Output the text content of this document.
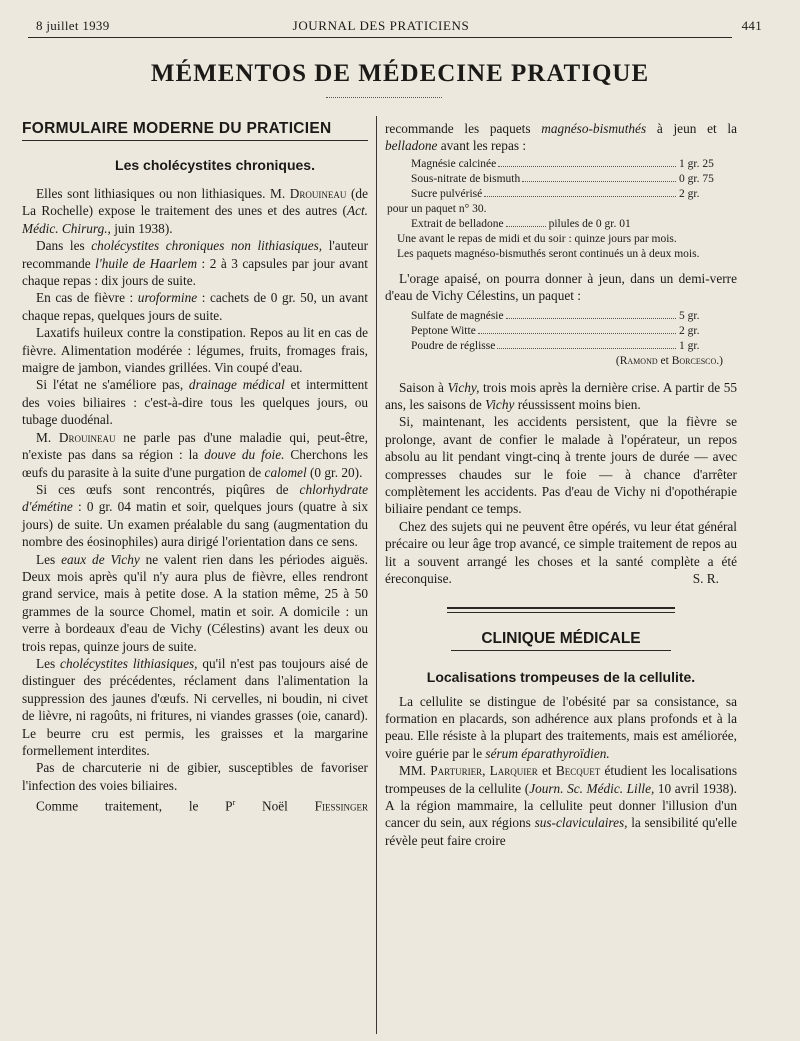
8 juillet 1939	JOURNAL DES PRATICIENS	441
MÉMENTOS DE MÉDECINE PRATIQUE
FORMULAIRE MODERNE DU PRATICIEN
Les cholécystites chroniques.

Elles sont lithiasiques ou non lithiasiques. M. Drouineau (de La Rochelle) expose le traitement des unes et des autres (Act. Médic. Chirurg., juin 1938).

Dans les cholécystites chroniques non lithiasiques, l'auteur recommande l'huile de Haarlem : 2 à 3 capsules par jour avant chaque repas : dix jours de suite.

En cas de fièvre : uroformine : cachets de 0 gr. 50, un avant chaque repas, quelques jours de suite.

Laxatifs huileux contre la constipation. Repos au lit en cas de fièvre. Alimentation modérée : légumes, fruits, fromages frais, maigre de jambon, viandes grillées. Vin coupé d'eau.

Si l'état ne s'améliore pas, drainage médical et intermittent des voies biliaires : c'est-à-dire tous les quelques jours, ou tubage duodénal.

M. Drouineau ne parle pas d'une maladie qui, peut-être, n'existe pas dans sa région : la douve du foie. Cherchons les œufs du parasite à la suite d'une purgation de calomel (0 gr. 20).

Si ces œufs sont rencontrés, piqûres de chlorhydrate d'émétine : 0 gr. 04 matin et soir, quelques jours (quatre à six jours) de suite. Un examen préalable du sang (augmentation du nombre des éosinophiles) aura dirigé l'orientation dans ce sens.

Les eaux de Vichy ne valent rien dans les périodes aiguës. Deux mois après qu'il n'y aura plus de fièvre, elles rendront grand service, mais à petite dose. A la station même, 25 à 50 grammes de la source Chomel, matin et soir. A domicile : un verre à bordeaux d'eau de Vichy (Célestins) avant les deux ou trois repas, quinze jours de suite.

Les cholécystites lithiasiques, qu'il n'est pas toujours aisé de distinguer des précédentes, réclament dans l'alimentation la suppression des jaunes d'œufs. Ni cervelles, ni boudin, ni civet de lièvre, ni ragoûts, ni fritures, ni viandes grasses (oie, canard). Le beurre cru est permis, les graisses et la margarine formellement interdites.

Pas de charcuterie ni de gibier, susceptibles de favoriser l'infection des voies biliaires.

Comme traitement, le $P^r$ Noël Fiessinger

recommande les paquets magnéso-bismuthés à jeun et la belladone avant les repas :

Magnésie calcinée	1 gr. 25
Sous-nitrate de bismuth	0 gr. 75
Sucre pulvérisé	2 gr.
pour un paquet n° 30.
Extrait de belladone	pilules de 0 gr. 01
Une avant le repas de midi et du soir : quinze jours par mois.
Les paquets magnéso-bismuthés seront continués un à deux mois.

L'orage apaisé, on pourra donner à jeun, dans un demi-verre d'eau de Vichy Célestins, un paquet :

Sulfate de magnésie	5 gr.
Peptone Witte	2 gr.
Poudre de réglisse	1 gr.
(Ramond et Borcesco.)

Saison à Vichy, trois mois après la dernière crise. A partir de 55 ans, les saisons de Vichy réussissent moins bien.

Si, maintenant, les accidents persistent, que la fièvre se prolonge, avant de confier le malade à l'opérateur, un repos absolu au lit pendant vingt-cinq à trente jours de durée — avec compresses chaudes sur le foie — à chance d'arrêter complètement les accidents. Pas d'eau de Vichy ni d'opothérapie biliaire pendant ce temps.

Chez des sujets qui ne peuvent être opérés, vu leur état général précaire ou leur âge trop avancé, ce simple traitement de repos au lit a souvent arrangé les choses et la santé complète a été éreconquise.	S. R.

CLINIQUE MÉDICALE
Localisations trompeuses de la cellulite.

La cellulite se distingue de l'obésité par sa consistance, sa formation en placards, son adhérence aux plans profonds et à la peau. Elle résiste à la plupart des traitements, mais est améliorée, voire guérie par le sérum éparathyroïdien.

MM. Parturier, Larquier et Becquet étudient les localisations trompeuses de la cellulite (Journ. Sc. Médic. Lille, 10 avril 1938). A la région mammaire, la cellulite peut donner l'illusion d'un cancer du sein, aux régions sus-claviculaires, la sensibilité qu'elle révèle peut faire croire
